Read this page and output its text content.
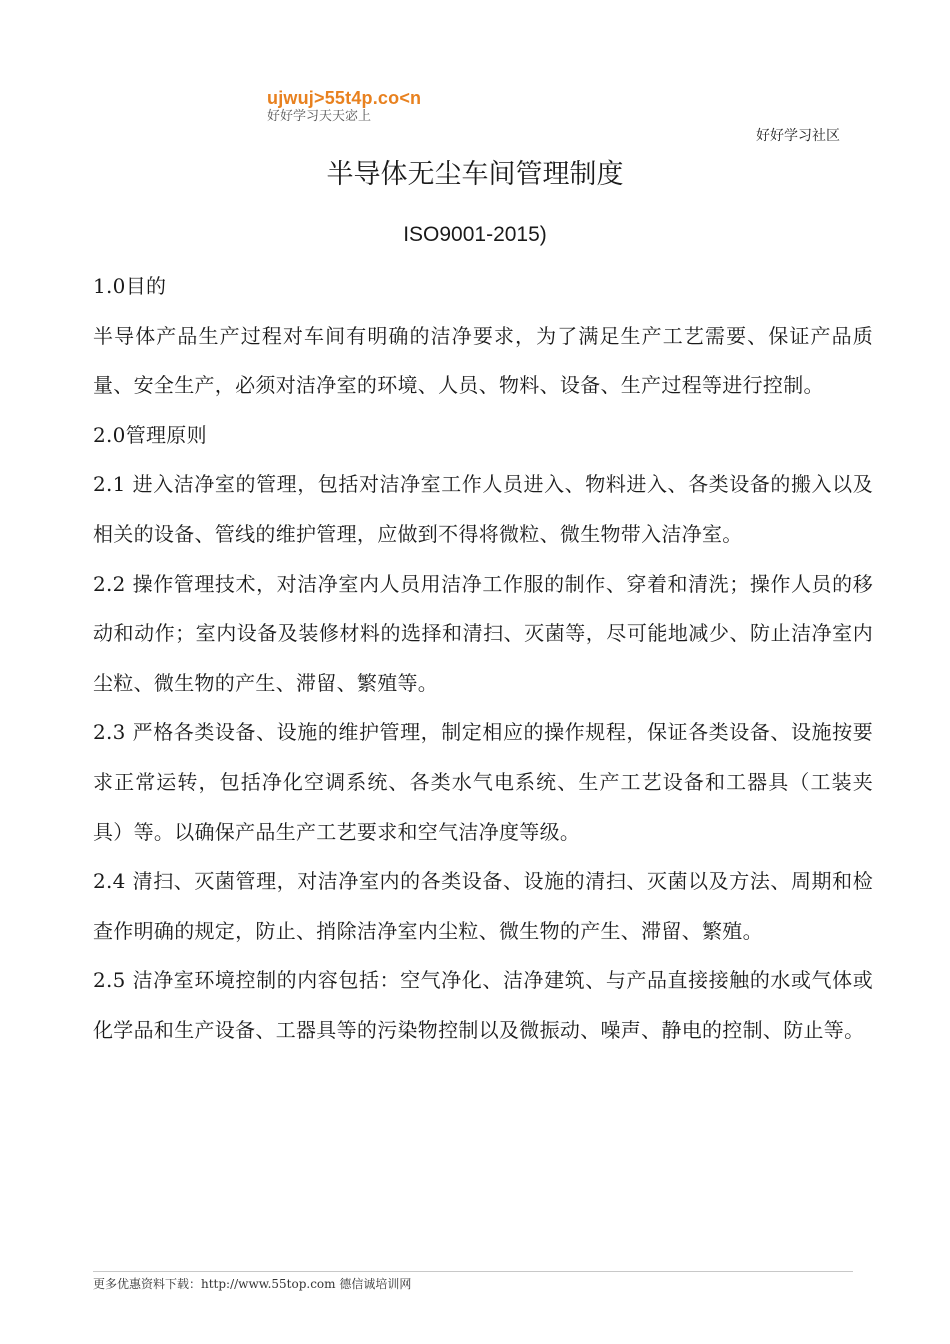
ujwuj>55t4p.co<n
好好学习天天宓上
好好学习社区
半导体无尘车间管理制度
ISO9001-2015)

1.0目的

半导体产品生产过程对车间有明确的洁净要求，为了满足生产工艺需要、保证产品质量、安全生产，必须对洁净室的环境、人员、物料、设备、生产过程等进行控制。

2.0管理原则

2.1 进入洁净室的管理，包括对洁净室工作人员进入、物料进入、各类设备的搬入以及相关的设备、管线的维护管理，应做到不得将微粒、微生物带入洁净室。

2.2 操作管理技术，对洁净室内人员用洁净工作服的制作、穿着和清洗；操作人员的移动和动作；室内设备及装修材料的选择和清扫、灭菌等，尽可能地减少、防止洁净室内尘粒、微生物的产生、滞留、繁殖等。

2.3 严格各类设备、设施的维护管理，制定相应的操作规程，保证各类设备、设施按要求正常运转，包括净化空调系统、各类水气电系统、生产工艺设备和工器具（工装夹具）等。以确保产品生产工艺要求和空气洁净度等级。

2.4 清扫、灭菌管理，对洁净室内的各类设备、设施的清扫、灭菌以及方法、周期和检查作明确的规定，防止、捎除洁净室内尘粒、微生物的产生、滞留、繁殖。

2.5 洁净室环境控制的内容包括：空气净化、洁净建筑、与产品直接接触的水或气体或化学品和生产设备、工器具等的污染物控制以及微振动、噪声、静电的控制、防止等。

更多优惠资料下载：http://www.55top.com 德信诚培训网
